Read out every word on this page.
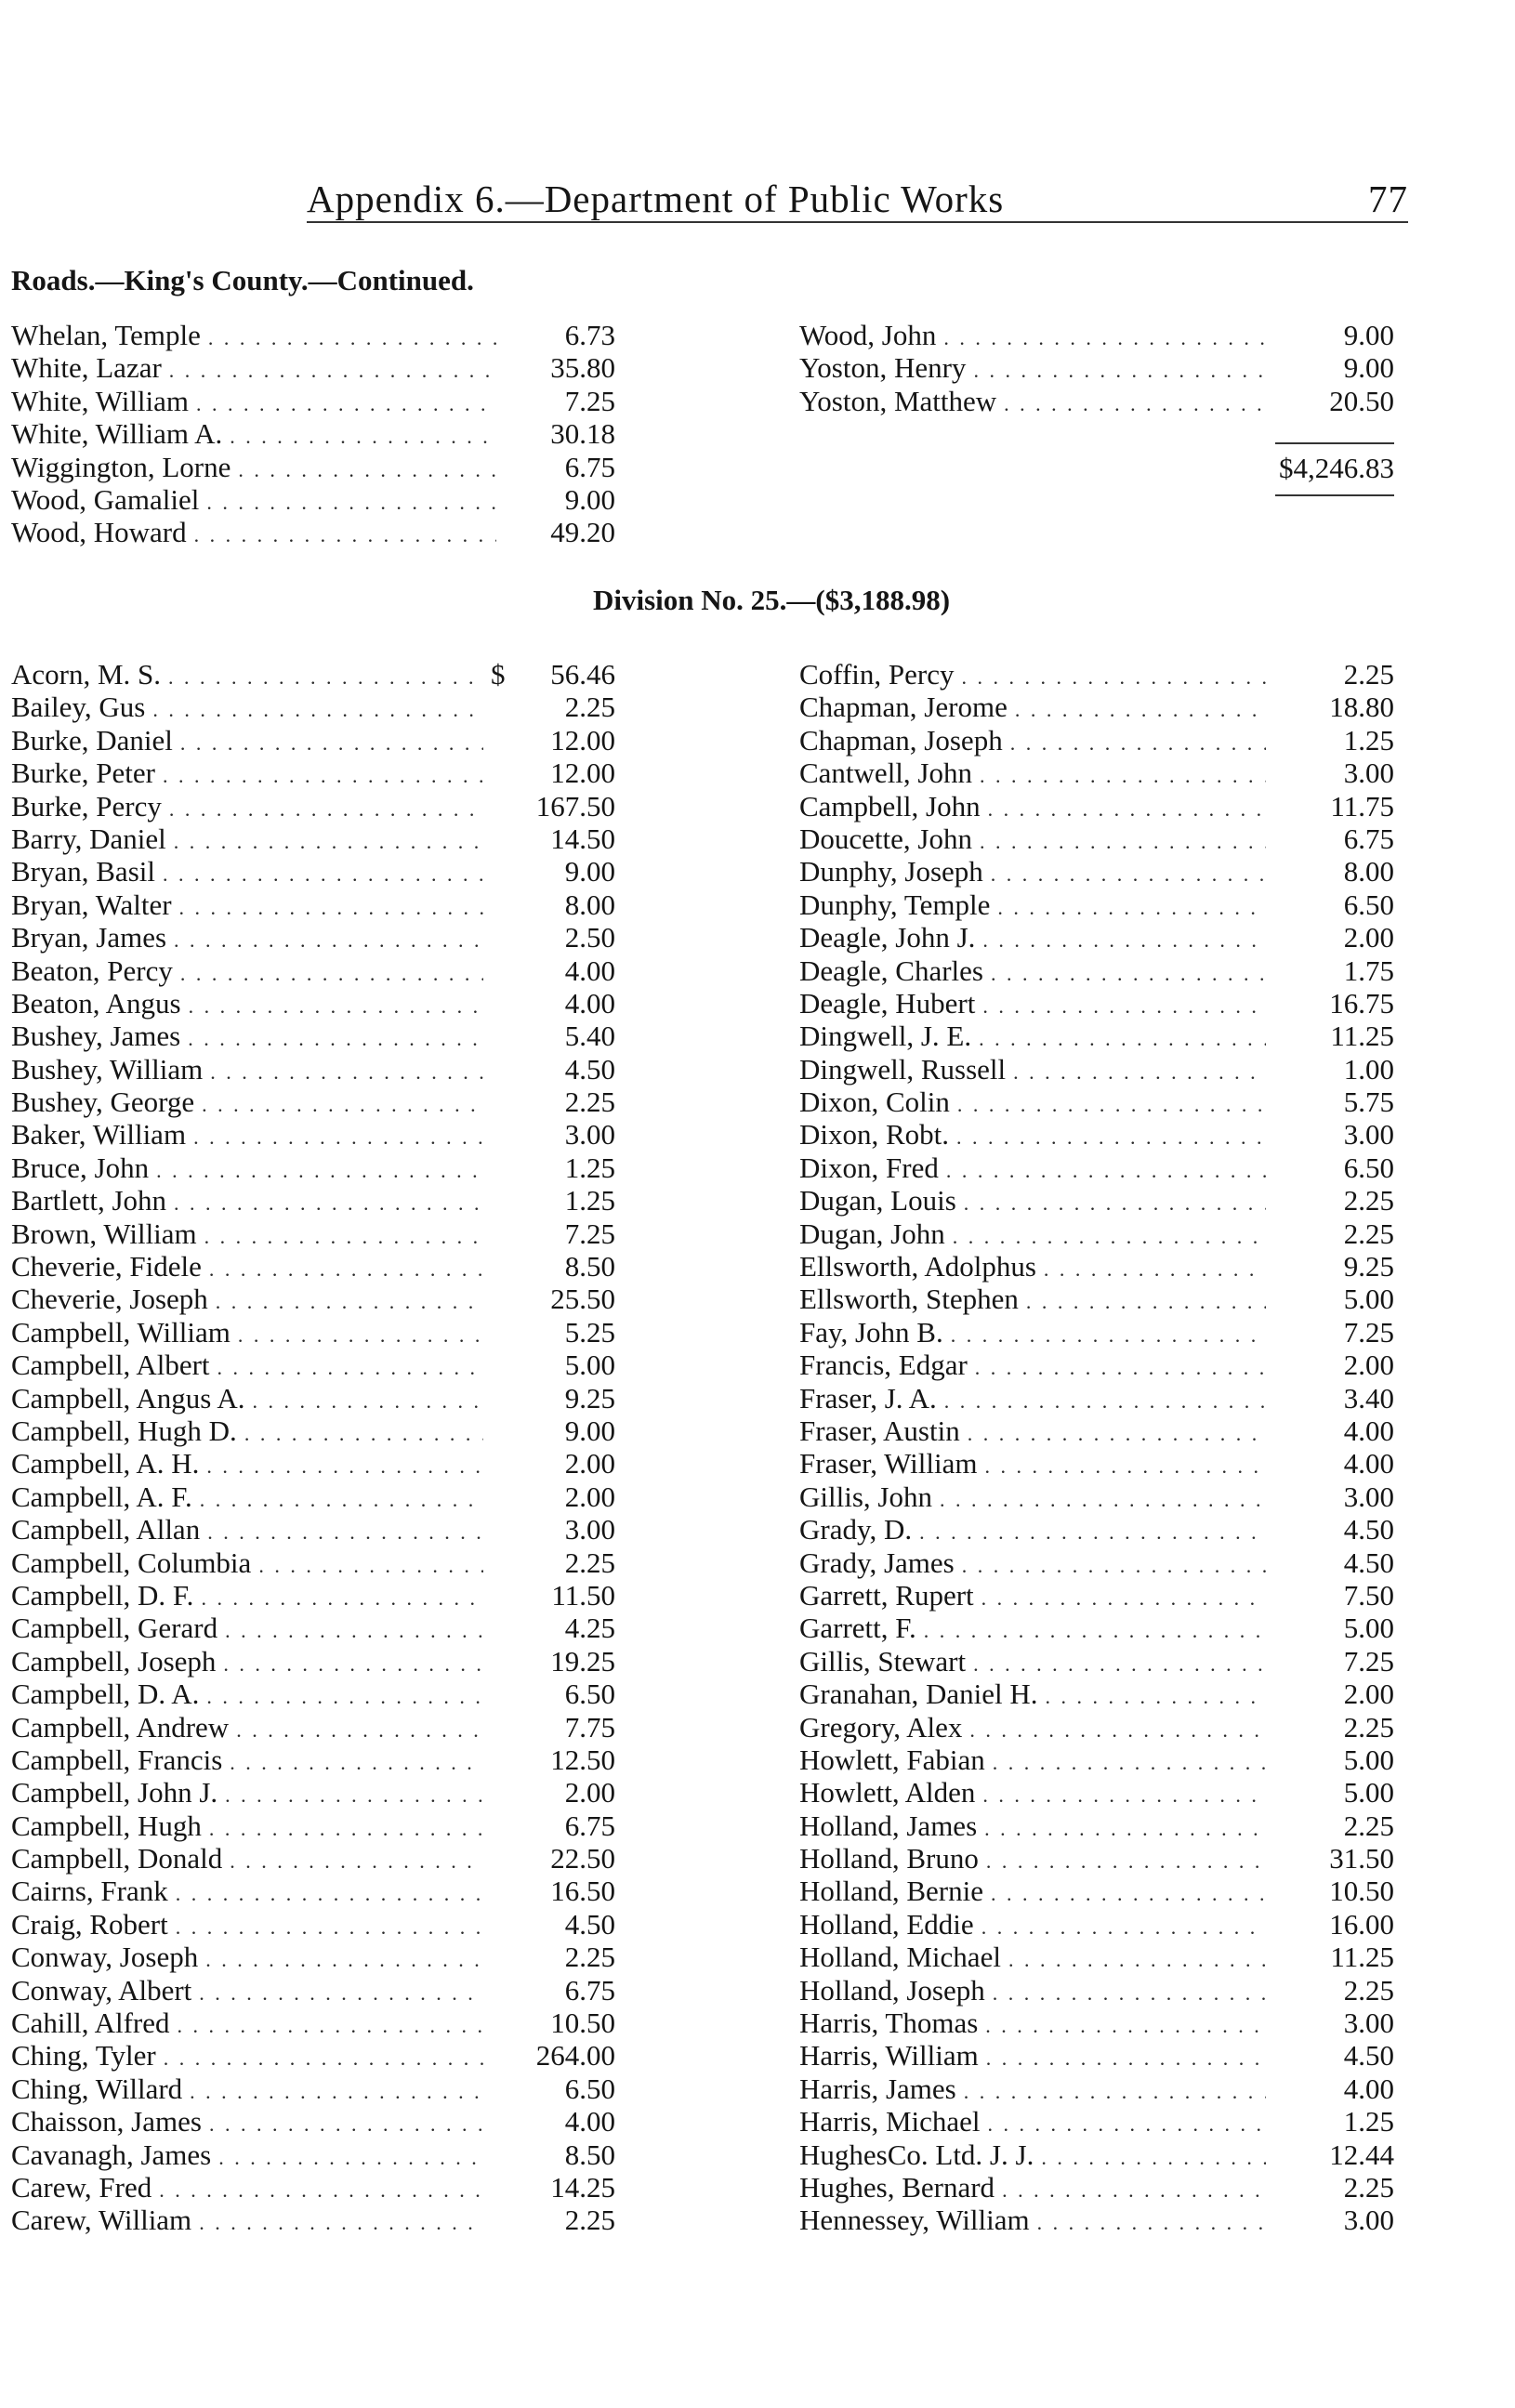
Appendix 6.—Department of Public Works	77
Roads.—King's County.—Continued.
Whelan, Temple . . .	6.73
White, Lazar . . .	35.80
White, William . . .	7.25
White, William A. . . .	30.18
Wiggington, Lorne . . .	6.75
Wood, Gamaliel . . .	9.00
Wood, Howard . . .	49.20
Wood, John . . .	9.00
Yoston, Henry . . .	9.00
Yoston, Matthew . . .	20.50
$4,246.83
Division No. 25.—($3,188.98)
Acorn, M. S. . . .	$	56.46
Bailey, Gus . . .	2.25
Burke, Daniel . . .	12.00
Burke, Peter . . .	12.00
Burke, Percy . . .	167.50
Barry, Daniel . . .	14.50
Bryan, Basil . . .	9.00
Bryan, Walter . . .	8.00
Bryan, James . . .	2.50
Beaton, Percy . . .	4.00
Beaton, Angus . . .	4.00
Bushey, James . . .	5.40
Bushey, William . . .	4.50
Bushey, George . . .	2.25
Baker, William . . .	3.00
Bruce, John . . .	1.25
Bartlett, John . . .	1.25
Brown, William . . .	7.25
Cheverie, Fidele . . .	8.50
Cheverie, Joseph . . .	25.50
Campbell, William . . .	5.25
Campbell, Albert . . .	5.00
Campbell, Angus A. . . .	9.25
Campbell, Hugh D. . . .	9.00
Campbell, A. H. . . .	2.00
Campbell, A. F. . . .	2.00
Campbell, Allan . . .	3.00
Campbell, Columbia . . .	2.25
Campbell, D. F. . . .	11.50
Campbell, Gerard . . .	4.25
Campbell, Joseph . . .	19.25
Campbell, D. A. . . .	6.50
Campbell, Andrew . . .	7.75
Campbell, Francis . . .	12.50
Campbell, John J. . . .	2.00
Campbell, Hugh . . .	6.75
Campbell, Donald . . .	22.50
Cairns, Frank . . .	16.50
Craig, Robert . . .	4.50
Conway, Joseph . . .	2.25
Conway, Albert . . .	6.75
Cahill, Alfred . . .	10.50
Ching, Tyler . . .	264.00
Ching, Willard . . .	6.50
Chaisson, James . . .	4.00
Cavanagh, James . . .	8.50
Carew, Fred . . .	14.25
Carew, William . . .	2.25
Coffin, Percy . . .	2.25
Chapman, Jerome . . .	18.80
Chapman, Joseph . . .	1.25
Cantwell, John . . .	3.00
Campbell, John . . .	11.75
Doucette, John . . .	6.75
Dunphy, Joseph . . .	8.00
Dunphy, Temple . . .	6.50
Deagle, John J. . . .	2.00
Deagle, Charles . . .	1.75
Deagle, Hubert . . .	16.75
Dingwell, J. E. . . .	11.25
Dingwell, Russell . . .	1.00
Dixon, Colin . . .	5.75
Dixon, Robt. . . .	3.00
Dixon, Fred . . .	6.50
Dugan, Louis . . .	2.25
Dugan, John . . .	2.25
Ellsworth, Adolphus . . .	9.25
Ellsworth, Stephen . . .	5.00
Fay, John B. . . .	7.25
Francis, Edgar . . .	2.00
Fraser, J. A. . . .	3.40
Fraser, Austin . . .	4.00
Fraser, William . . .	4.00
Gillis, John . . .	3.00
Grady, D. . . .	4.50
Grady, James . . .	4.50
Garrett, Rupert . . .	7.50
Garrett, F. . . .	5.00
Gillis, Stewart . . .	7.25
Granahan, Daniel H. . . .	2.00
Gregory, Alex . . .	2.25
Howlett, Fabian . . .	5.00
Howlett, Alden . . .	5.00
Holland, James . . .	2.25
Holland, Bruno . . .	31.50
Holland, Bernie . . .	10.50
Holland, Eddie . . .	16.00
Holland, Michael . . .	11.25
Holland, Joseph . . .	2.25
Harris, Thomas . . .	3.00
Harris, William . . .	4.50
Harris, James . . .	4.00
Harris, Michael . . .	1.25
HughesCo. Ltd. J. J. . . .	12.44
Hughes, Bernard . . .	2.25
Hennessey, William . . .	3.00
